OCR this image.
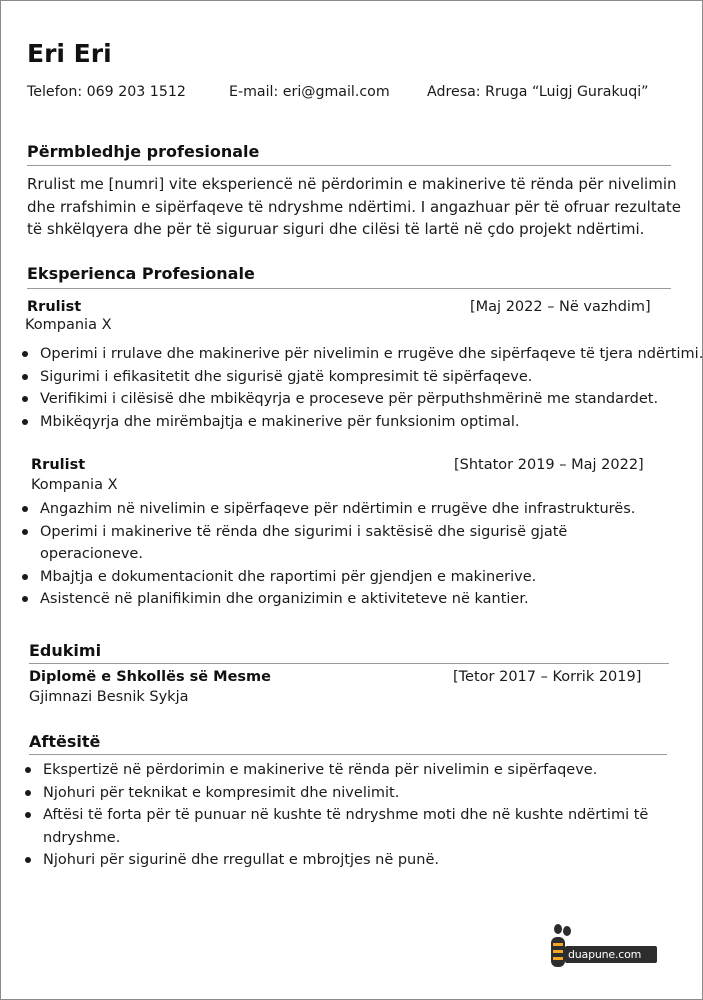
Eri Eri
Telefon: 069 203 1512	E-mail: eri@gmail.com	Adresa: Rruga “Luigj Gurakuqi”
Përmbledhje profesionale
Rrulist me [numri] vite eksperiencë në përdorimin e makinerive të rënda për nivelimin
dhe rrafshimin e sipërfaqeve të ndryshme ndërtimi. I angazhuar për të ofruar rezultate
të shkëlqyera dhe për të siguruar siguri dhe cilësi të lartë në çdo projekt ndërtimi.
Eksperienca Profesionale
Rrulist	[Maj 2022 – Në vazhdim]
Kompania X
Operimi i rrulave dhe makinerive për nivelimin e rrugëve dhe sipërfaqeve të tjera ndërtimi.
Sigurimi i efikasitetit dhe sigurisë gjatë kompresimit të sipërfaqeve.
Verifikimi i cilësisë dhe mbikëqyrja e proceseve për përputhshmërinë me standardet.
Mbikëqyrja dhe mirëmbajtja e makinerive për funksionim optimal.
Rrulist	[Shtator 2019 – Maj 2022]
Kompania X
Angazhim në nivelimin e sipërfaqeve për ndërtimin e rrugëve dhe infrastrukturës.
Operimi i makinerive të rënda dhe sigurimi i saktësisë dhe sigurisë gjatë
operacioneve.
Mbajtja e dokumentacionit dhe raportimi për gjendjen e makinerive.
Asistencë në planifikimin dhe organizimin e aktiviteteve në kantier.
Edukimi
Diplomë e Shkollës së Mesme	[Tetor 2017 – Korrik 2019]
Gjimnazi Besnik Sykja
Aftësitë
Ekspertizë në përdorimin e makinerive të rënda për nivelimin e sipërfaqeve.
Njohuri për teknikat e kompresimit dhe nivelimit.
Aftësi të forta për të punuar në kushte të ndryshme moti dhe në kushte ndërtimi të
ndryshme.
Njohuri për sigurinë dhe rregullat e mbrojtjes në punë.
duapune.com
